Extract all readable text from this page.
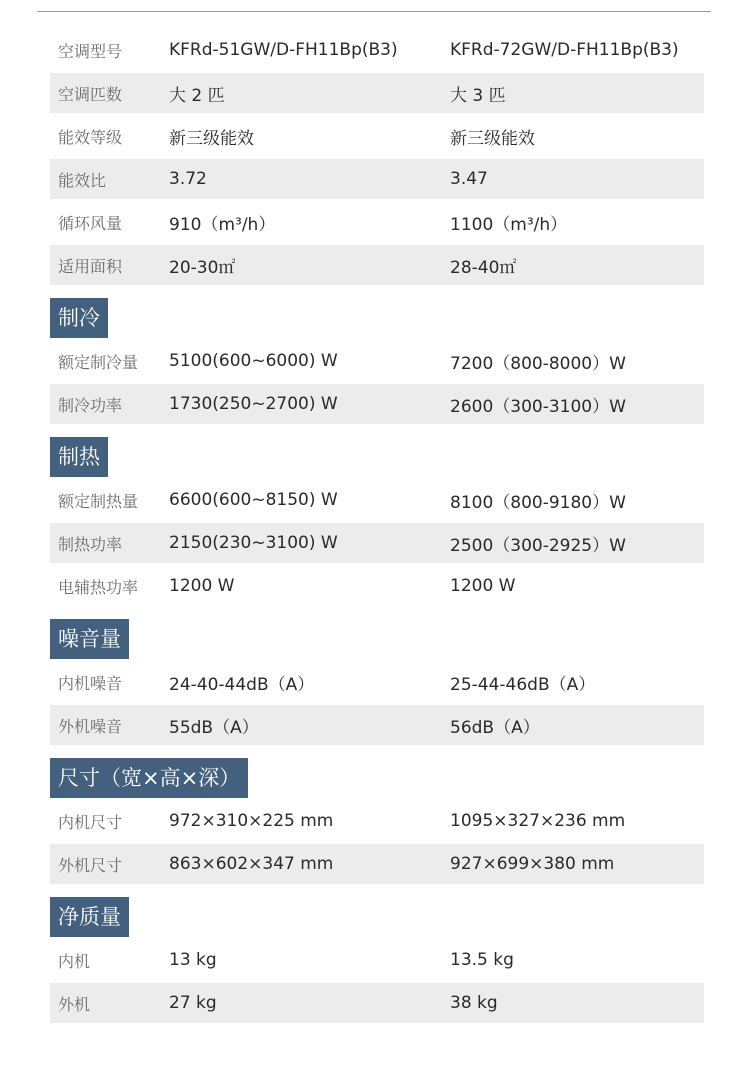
空调型号	KFRd-51GW/D-FH11Bp(B3)	KFRd-72GW/D-FH11Bp(B3)
空调匹数	大 2 匹	大 3 匹
能效等级	新三级能效	新三级能效
能效比	3.72	3.47
循环风量	910（m³/h）	1100（m³/h）
适用面积	20-30㎡	28-40㎡
制冷
额定制冷量	5100(600~6000) W	7200（800-8000）W
制冷功率	1730(250~2700) W	2600（300-3100）W
制热
额定制热量	6600(600~8150) W	8100（800-9180）W
制热功率	2150(230~3100) W	2500（300-2925）W
电辅热功率	1200 W	1200 W
噪音量
内机噪音	24-40-44dB（A）	25-44-46dB（A）
外机噪音	55dB（A）	56dB（A）
尺寸（宽×高×深）
内机尺寸	972×310×225 mm	1095×327×236 mm
外机尺寸	863×602×347 mm	927×699×380 mm
净质量
内机	13 kg	13.5 kg
外机	27 kg	38 kg
